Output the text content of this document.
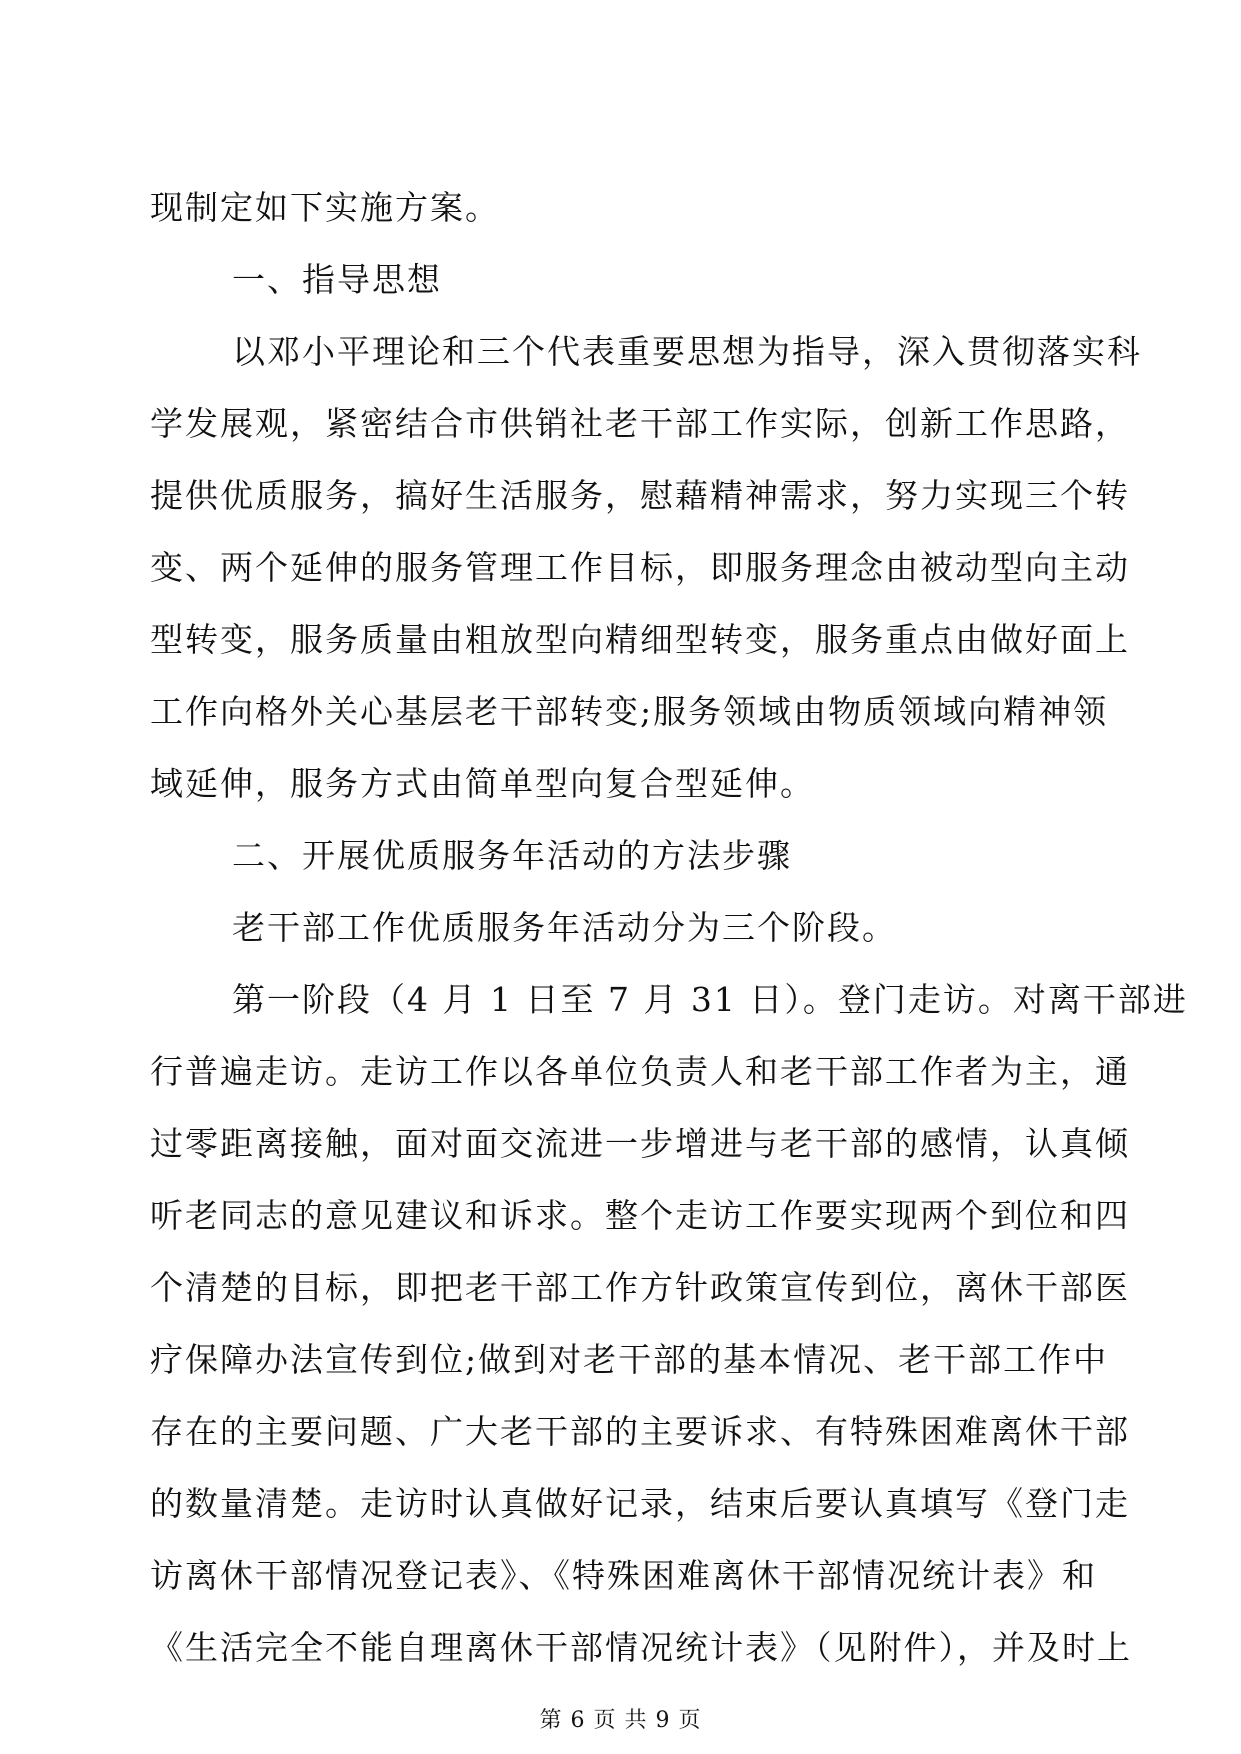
现制定如下实施方案。
一、指导思想
以邓小平理论和三个代表重要思想为指导，深入贯彻落实科
学发展观，紧密结合市供销社老干部工作实际，创新工作思路，
提供优质服务，搞好生活服务，慰藉精神需求，努力实现三个转
变、两个延伸的服务管理工作目标，即服务理念由被动型向主动
型转变，服务质量由粗放型向精细型转变，服务重点由做好面上
工作向格外关心基层老干部转变;服务领域由物质领域向精神领
域延伸，服务方式由简单型向复合型延伸。
二、开展优质服务年活动的方法步骤
老干部工作优质服务年活动分为三个阶段。
第一阶段（4 月 1 日至 7 月 31 日）。登门走访。对离干部进
行普遍走访。走访工作以各单位负责人和老干部工作者为主，通
过零距离接触，面对面交流进一步增进与老干部的感情，认真倾
听老同志的意见建议和诉求。整个走访工作要实现两个到位和四
个清楚的目标，即把老干部工作方针政策宣传到位，离休干部医
疗保障办法宣传到位;做到对老干部的基本情况、老干部工作中
存在的主要问题、广大老干部的主要诉求、有特殊困难离休干部
的数量清楚。走访时认真做好记录，结束后要认真填写《登门走
访离休干部情况登记表》、《特殊困难离休干部情况统计表》和
《生活完全不能自理离休干部情况统计表》（见附件），并及时上
第 6 页 共 9 页
